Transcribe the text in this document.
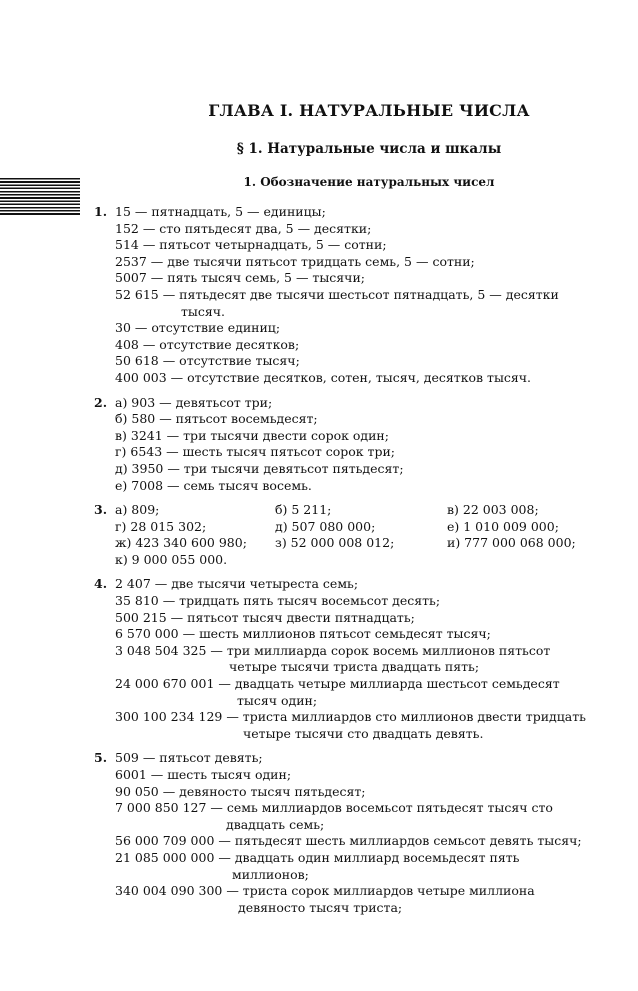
ГЛАВА I. НАТУРАЛЬНЫЕ ЧИСЛА
§ 1. Натуральные числа и шкалы
1. Обозначение натуральных чисел
1. 15 — пятнадцать, 5 — единицы;
152 — сто пятьдесят два, 5 — десятки;
514 — пятьсот четырнадцать, 5 — сотни;
2537 — две тысячи пятьсот тридцать семь, 5 — сотни;
5007 — пять тысяч семь, 5 — тысячи;
52 615 — пятьдесят две тысячи шестьсот пятнадцать, 5 — десятки
тысяч.
30 — отсутствие единиц;
408 — отсутствие десятков;
50 618 — отсутствие тысяч;
400 003 — отсутствие десятков, сотен, тысяч, десятков тысяч.
2. а) 903 — девятьсот три;
б) 580 — пятьсот восемьдесят;
в) 3241 — три тысячи двести сорок один;
г) 6543 — шесть тысяч пятьсот сорок три;
д) 3950 — три тысячи девятьсот пятьдесят;
е) 7008 — семь тысяч восемь.
3. а) 809;	б) 5 211;	в) 22 003 008;
г) 28 015 302;	д) 507 080 000;	е) 1 010 009 000;
ж) 423 340 600 980;	з) 52 000 008 012;	и) 777 000 068 000;
к) 9 000 055 000.
4. 2 407 — две тысячи четыреста семь;
35 810 — тридцать пять тысяч восемьсот десять;
500 215 — пятьсот тысяч двести пятнадцать;
6 570 000 — шесть миллионов пятьсот семьдесят тысяч;
3 048 504 325 — три миллиарда сорок восемь миллионов пятьсот
четыре тысячи триста двадцать пять;
24 000 670 001 — двадцать четыре миллиарда шестьсот семьдесят
тысяч один;
300 100 234 129 — триста миллиардов сто миллионов двести тридцать
четыре тысячи сто двадцать девять.
5. 509 — пятьсот девять;
6001 — шесть тысяч один;
90 050 — девяносто тысяч пятьдесят;
7 000 850 127 — семь миллиардов восемьсот пятьдесят тысяч сто
двадцать семь;
56 000 709 000 — пятьдесят шесть миллиардов семьсот девять тысяч;
21 085 000 000 — двадцать один миллиард восемьдесят пять
миллионов;
340 004 090 300 — триста сорок миллиардов четыре миллиона
девяносто тысяч триста;
